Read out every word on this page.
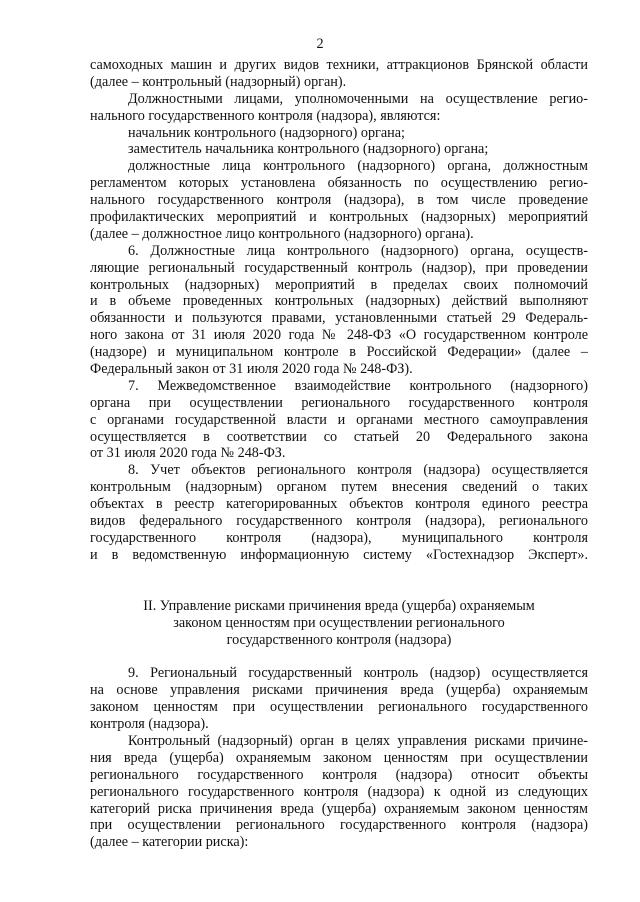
2
самоходных машин и других видов техники, аттракционов Брянской области
(далее – контрольный (надзорный) орган).
Должностными лицами, уполномоченными на осуществление регио-
нального государственного контроля (надзора), являются:
начальник контрольного (надзорного) органа;
заместитель начальника контрольного (надзорного) органа;
должностные лица контрольного (надзорного) органа, должностным
регламентом которых установлена обязанность по осуществлению регио-
нального государственного контроля (надзора), в том числе проведение
профилактических мероприятий и контрольных (надзорных) мероприятий
(далее – должностное лицо контрольного (надзорного) органа).
6. Должностные лица контрольного (надзорного) органа, осуществ-
ляющие региональный государственный контроль (надзор), при проведении
контрольных (надзорных) мероприятий в пределах своих полномочий
и в объеме проведенных контрольных (надзорных) действий выполняют
обязанности и пользуются правами, установленными статьей 29 Федераль-
ного закона от 31 июля 2020 года № 248-ФЗ «О государственном контроле
(надзоре) и муниципальном контроле в Российской Федерации» (далее –
Федеральный закон от 31 июля 2020 года № 248-ФЗ).
7. Межведомственное взаимодействие контрольного (надзорного)
органа при осуществлении регионального государственного контроля
с органами государственной власти и органами местного самоуправления
осуществляется в соответствии со статьей 20 Федерального закона
от 31 июля 2020 года № 248-ФЗ.
8. Учет объектов регионального контроля (надзора) осуществляется
контрольным (надзорным) органом путем внесения сведений о таких
объектах в реестр категорированных объектов контроля единого реестра
видов федерального государственного контроля (надзора), регионального
государственного контроля (надзора), муниципального контроля
и в ведомственную информационную систему «Гостехнадзор Эксперт».
II. Управление рисками причинения вреда (ущерба) охраняемым
законом ценностям при осуществлении регионального
государственного контроля (надзора)
9. Региональный государственный контроль (надзор) осуществляется
на основе управления рисками причинения вреда (ущерба) охраняемым
законом ценностям при осуществлении регионального государственного
контроля (надзора).
Контрольный (надзорный) орган в целях управления рисками причине-
ния вреда (ущерба) охраняемым законом ценностям при осуществлении
регионального государственного контроля (надзора) относит объекты
регионального государственного контроля (надзора) к одной из следующих
категорий риска причинения вреда (ущерба) охраняемым законом ценностям
при осуществлении регионального государственного контроля (надзора)
(далее – категории риска):
